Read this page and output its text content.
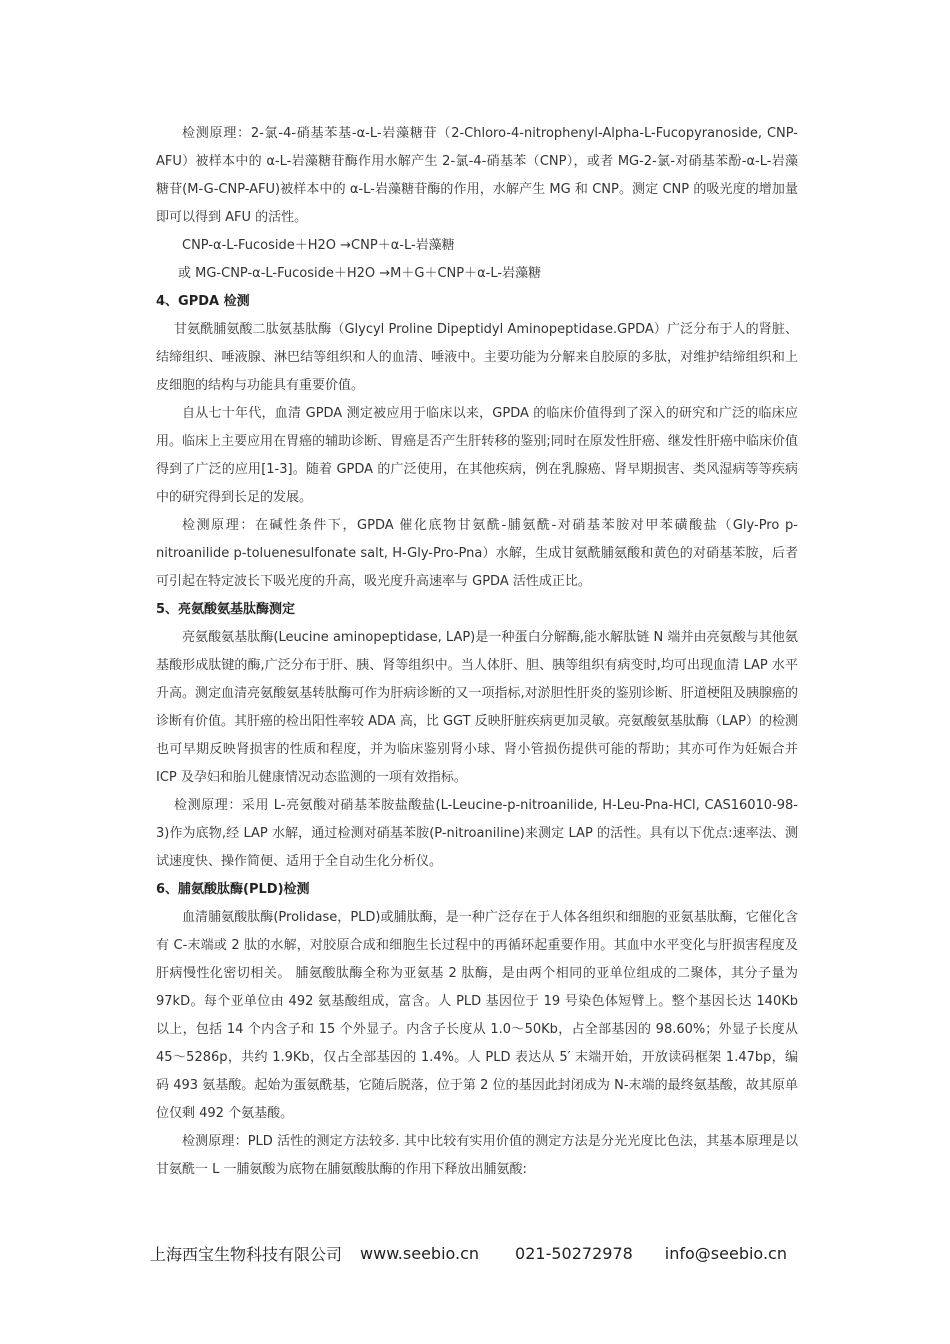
检测原理：2-氯-4-硝基苯基-α-L-岩藻糖苷（2-Chloro-4-nitrophenyl-Alpha-L-Fucopyranoside, CNP-AFU）被样本中的 α-L-岩藻糖苷酶作用水解产生 2-氯-4-硝基苯（CNP），或者 MG-2-氯-对硝基苯酚-α-L-岩藻糖苷(M-G-CNP-AFU)被样本中的 α-L-岩藻糖苷酶的作用，水解产生 MG 和 CNP。测定 CNP 的吸光度的增加量即可以得到 AFU 的活性。

CNP-α-L-Fucoside＋H2O →CNP＋α-L-岩藻糖

或 MG-CNP-α-L-Fucoside＋H2O →M＋G＋CNP＋α-L-岩藻糖

4、GPDA 检测

甘氨酰脯氨酸二肽氨基肽酶（Glycyl Proline Dipeptidyl Aminopeptidase.GPDA）广泛分布于人的肾脏、结缔组织、唾液腺、淋巴结等组织和人的血清、唾液中。主要功能为分解来自胶原的多肽，对维护结缔组织和上皮细胞的结构与功能具有重要价值。

自从七十年代，血清 GPDA 测定被应用于临床以来，GPDA 的临床价值得到了深入的研究和广泛的临床应用。临床上主要应用在胃癌的辅助诊断、胃癌是否产生肝转移的鉴别;同时在原发性肝癌、继发性肝癌中临床价值得到了广泛的应用[1-3]。随着 GPDA 的广泛使用，在其他疾病，例在乳腺癌、肾早期损害、类风湿病等等疾病中的研究得到长足的发展。

检测原理：在碱性条件下，GPDA 催化底物甘氨酰-脯氨酰-对硝基苯胺对甲苯磺酸盐（Gly-Pro p-nitroanilide p-toluenesulfonate salt, H-Gly-Pro-Pna）水解，生成甘氨酰脯氨酸和黄色的对硝基苯胺，后者可引起在特定波长下吸光度的升高，吸光度升高速率与 GPDA 活性成正比。

5、亮氨酸氨基肽酶测定

亮氨酸氨基肽酶(Leucine aminopeptidase, LAP)是一种蛋白分解酶,能水解肽链 N 端并由亮氨酸与其他氨基酸形成肽键的酶,广泛分布于肝、胰、肾等组织中。当人体肝、胆、胰等组织有病变时,均可出现血清 LAP 水平升高。测定血清亮氨酸氨基转肽酶可作为肝病诊断的又一项指标,对淤胆性肝炎的鉴别诊断、肝道梗阻及胰腺癌的诊断有价值。其肝癌的检出阳性率较 ADA 高，比 GGT 反映肝脏疾病更加灵敏。亮氨酸氨基肽酶（LAP）的检测也可早期反映肾损害的性质和程度，并为临床鉴别肾小球、肾小管损伤提供可能的帮助；其亦可作为妊娠合并 ICP 及孕妇和胎儿健康情况动态监测的一项有效指标。

检测原理：采用 L-亮氨酸对硝基苯胺盐酸盐(L-Leucine-p-nitroanilide, H-Leu-Pna-HCl, CAS16010-98-3)作为底物,经 LAP 水解，通过检测对硝基苯胺(P-nitroaniline)来测定 LAP 的活性。具有以下优点:速率法、测试速度快、操作简便、适用于全自动生化分析仪。

6、脯氨酸肽酶(PLD)检测

血清脯氨酸肽酶(Prolidase，PLD)或脯肽酶，是一种广泛存在于人体各组织和细胞的亚氨基肽酶，它催化含有 C-末端或 2 肽的水解，对胶原合成和细胞生长过程中的再循环起重要作用。其血中水平变化与肝损害程度及肝病慢性化密切相关。 脯氨酸肽酶全称为亚氨基 2 肽酶，是由两个相同的亚单位组成的二聚体，其分子量为 97kD。每个亚单位由 492 氨基酸组成，富含。人 PLD 基因位于 19 号染色体短臂上。整个基因长达 140Kb 以上，包括 14 个内含子和 15 个外显子。内含子长度从 1.0～50Kb，占全部基因的 98.60%；外显子长度从 45～5286p，共约 1.9Kb，仅占全部基因的 1.4%。人 PLD 表达从 5′ 末端开始，开放读码框架 1.47bp，编码 493 氨基酸。起始为蛋氨酰基，它随后脱落，位于第 2 位的基因此封闭成为 N-末端的最终氨基酸，故其原单位仅剩 492 个氨基酸。

检测原理：PLD 活性的测定方法较多. 其中比较有实用价值的测定方法是分光光度比色法，其基本原理是以甘氨酰一 L 一脯氨酸为底物在脯氨酸肽酶的作用下释放出脯氨酸:

上海西宝生物科技有限公司 www.seebio.cn 021-50272978 info@seebio.cn
